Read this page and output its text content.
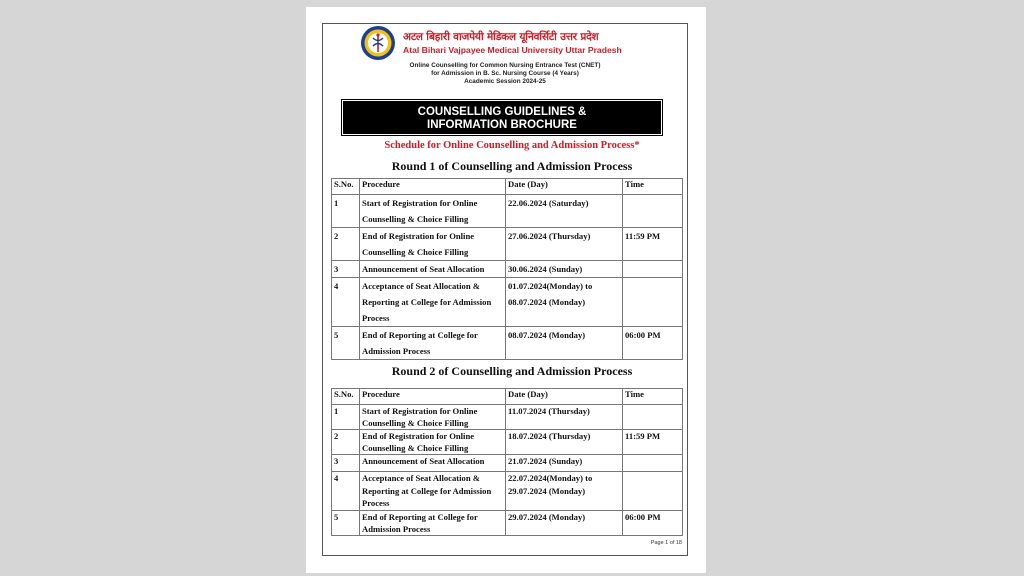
अटल बिहारी वाजपेयी मेडिकल यूनिवर्सिटी उत्तर प्रदेश
Atal Bihari Vajpayee Medical University Uttar Pradesh
Online Counselling for Common Nursing Entrance Test (CNET)
for Admission in B. Sc. Nursing Course (4 Years)
Academic Session 2024-25
COUNSELLING GUIDELINES &
INFORMATION BROCHURE
Schedule for Online Counselling and Admission Process*
Round 1 of Counselling and Admission Process
S.No.	Procedure	Date (Day)	Time
1	Start of Registration for Online Counselling & Choice Filling	22.06.2024 (Saturday)	
2	End of Registration for Online Counselling & Choice Filling	27.06.2024 (Thursday)	11:59 PM
3	Announcement of Seat Allocation	30.06.2024 (Sunday)	
4	Acceptance of Seat Allocation & Reporting at College for Admission Process	01.07.2024(Monday) to 08.07.2024 (Monday)	
5	End of Reporting at College for Admission Process	08.07.2024 (Monday)	06:00 PM
Round 2 of Counselling and Admission Process
S.No.	Procedure	Date (Day)	Time
1	Start of Registration for Online Counselling & Choice Filling	11.07.2024 (Thursday)	
2	End of Registration for Online Counselling & Choice Filling	18.07.2024 (Thursday)	11:59 PM
3	Announcement of Seat Allocation	21.07.2024 (Sunday)	
4	Acceptance of Seat Allocation & Reporting at College for Admission Process	22.07.2024(Monday) to 29.07.2024 (Monday)	
5	End of Reporting at College for Admission Process	29.07.2024 (Monday)	06:00 PM
Page 1 of 18
